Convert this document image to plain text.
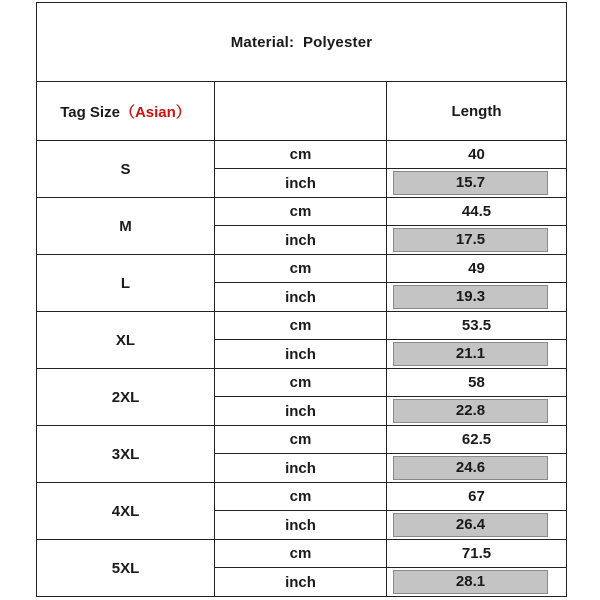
Material: Polyester		
Tag Size（Asian）		Length
S	cm	40
	inch	15.7

M	cm	44.5
	inch	17.5

L	cm	49
	inch	19.3

XL	cm	53.5
	inch	21.1

2XL	cm	58
	inch	22.8

3XL	cm	62.5
	inch	24.6

4XL	cm	67
	inch	26.4

5XL	cm	71.5
	inch	28.1
